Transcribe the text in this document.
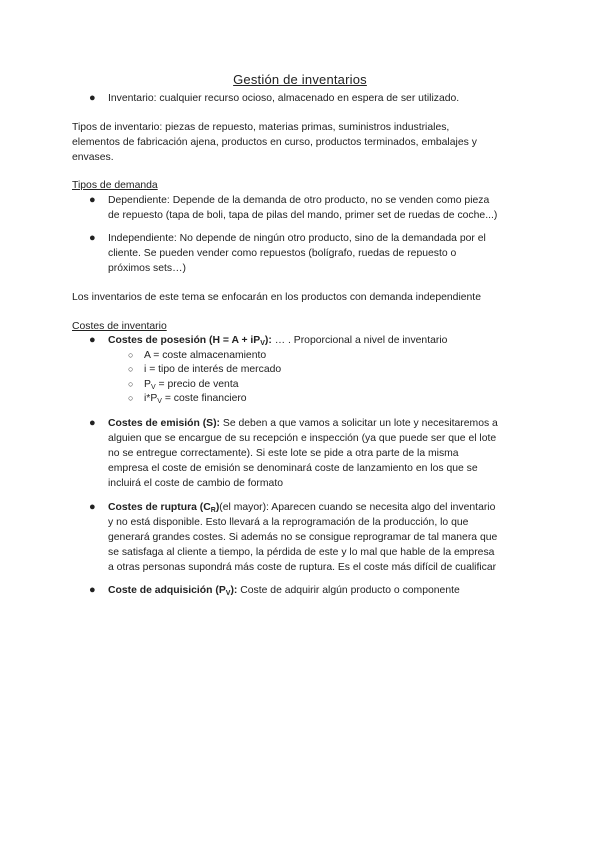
Gestión de inventarios
● Inventario: cualquier recurso ocioso, almacenado en espera de ser utilizado.
Tipos de inventario: piezas de repuesto, materias primas, suministros industriales,
elementos de fabricación ajena, productos en curso, productos terminados, embalajes y
envases.
Tipos de demanda
● Dependiente: Depende de la demanda de otro producto, no se venden como pieza
de repuesto (tapa de boli, tapa de pilas del mando, primer set de ruedas de coche...)
● Independiente: No depende de ningún otro producto, sino de la demandada por el
cliente. Se pueden vender como repuestos (bolígrafo, ruedas de repuesto o
próximos sets…)
Los inventarios de este tema se enfocarán en los productos con demanda independiente
Costes de inventario
● Costes de posesión $(H = A + iP_V)$: … . Proporcional a nivel de inventario
○ A = coste almacenamiento
○ i = tipo de interés de mercado
○ $P_V$ = precio de venta
○ $i*P_V$ = coste financiero
● Costes de emisión (S): Se deben a que vamos a solicitar un lote y necesitaremos a
alguien que se encargue de su recepción e inspección (ya que puede ser que el lote
no se entregue correctamente). Si este lote se pide a otra parte de la misma
empresa el coste de emisión se denominará coste de lanzamiento en los que se
incluirá el coste de cambio de formato
● Costes de ruptura $(C_R)(el$ mayor): Aparecen cuando se necesita algo del inventario
y no está disponible. Esto llevará a la reprogramación de la producción, lo que
generará grandes costes. Si además no se consigue reprogramar de tal manera que
se satisfaga al cliente a tiempo, la pérdida de este y lo mal que hable de la empresa
a otras personas supondrá más coste de ruptura. Es el coste más difícil de cualificar
● Coste de adquisición $(P_V)$: Coste de adquirir algún producto o componente
